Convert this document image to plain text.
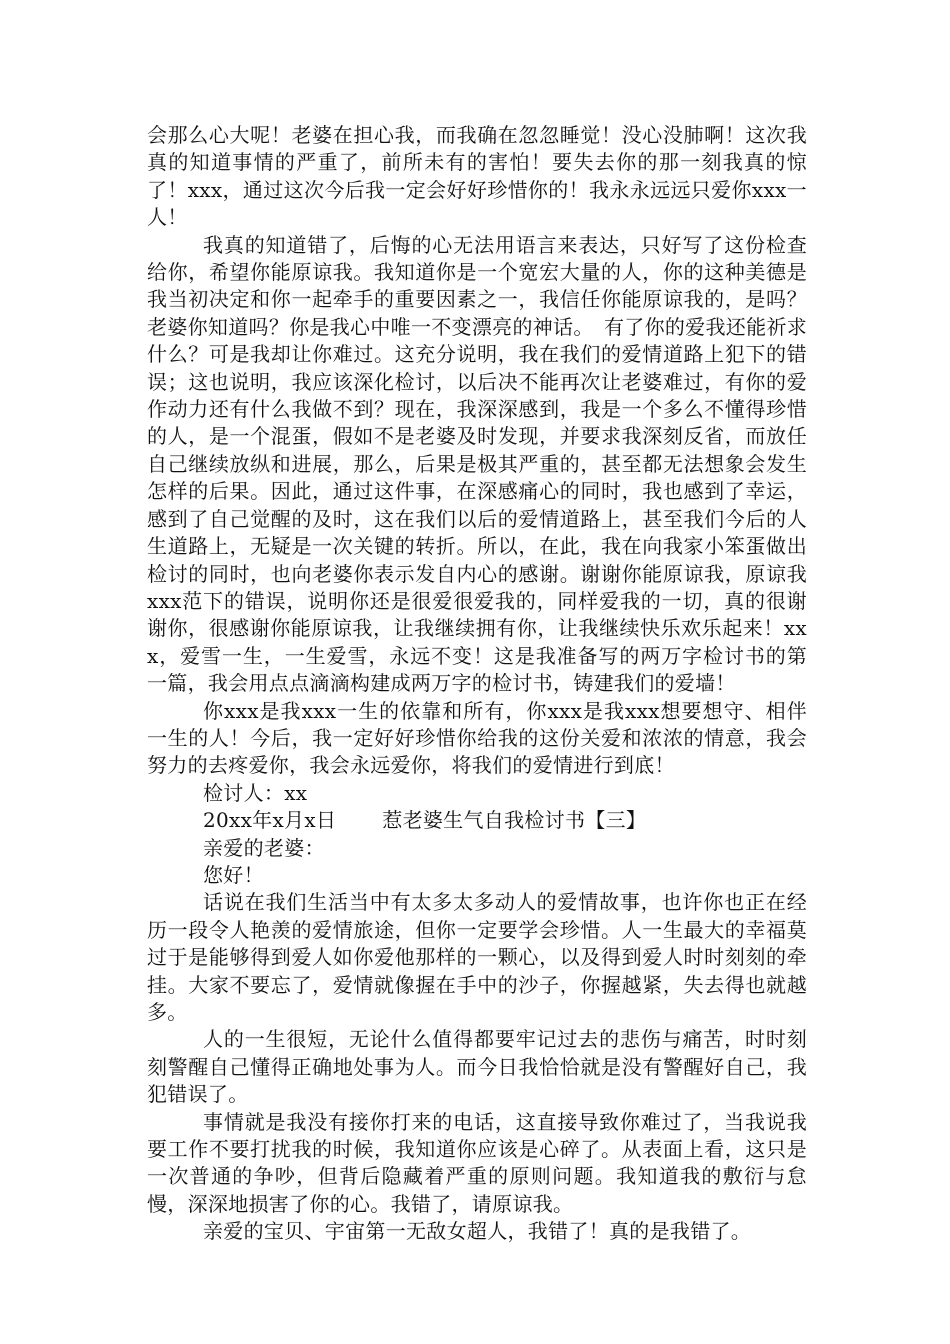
会那么心大呢！老婆在担心我，而我确在忽忽睡觉！没心没肺啊！这次我真的知道事情的严重了，前所未有的害怕！要失去你的那一刻我真的惊了！xxx，通过这次今后我一定会好好珍惜你的！我永永远远只爱你xxx一人！

我真的知道错了，后悔的心无法用语言来表达，只好写了这份检查给你，希望你能原谅我。我知道你是一个宽宏大量的人，你的这种美德是我当初决定和你一起牵手的重要因素之一，我信任你能原谅我的，是吗？　老婆你知道吗？你是我心中唯一不变漂亮的神话。　有了你的爱我还能祈求什么？可是我却让你难过。这充分说明，我在我们的爱情道路上犯下的错误；这也说明，我应该深化检讨，以后决不能再次让老婆难过，有你的爱作动力还有什么我做不到？现在，我深深感到，我是一个多么不懂得珍惜的人，是一个混蛋，假如不是老婆及时发现，并要求我深刻反省，而放任自己继续放纵和进展，那么，后果是极其严重的，甚至都无法想象会发生怎样的后果。因此，通过这件事，在深感痛心的同时，我也感到了幸运，感到了自己觉醒的及时，这在我们以后的爱情道路上，甚至我们今后的人生道路上，无疑是一次关键的转折。所以，在此，我在向我家小笨蛋做出检讨的同时，也向老婆你表示发自内心的感谢。谢谢你能原谅我，原谅我xxx范下的错误，说明你还是很爱很爱我的，同样爱我的一切，真的很谢谢你，很感谢你能原谅我，让我继续拥有你，让我继续快乐欢乐起来！xxx，爱雪一生，一生爱雪，永远不变！这是我准备写的两万字检讨书的第一篇，我会用点点滴滴构建成两万字的检讨书，铸建我们的爱墙！

你xxx是我xxx一生的依靠和所有，你xxx是我xxx想要想守、相伴一生的人！今后，我一定好好珍惜你给我的这份关爱和浓浓的情意，我会努力的去疼爱你，我会永远爱你，将我们的爱情进行到底！

检讨人：xx

20xx年x月x日 惹老婆生气自我检讨书【三】

亲爱的老婆：

您好！

话说在我们生活当中有太多太多动人的爱情故事，也许你也正在经历一段令人艳羡的爱情旅途，但你一定要学会珍惜。人一生最大的幸福莫过于是能够得到爱人如你爱他那样的一颗心，以及得到爱人时时刻刻的牵挂。大家不要忘了，爱情就像握在手中的沙子，你握越紧，失去得也就越多。

人的一生很短，无论什么值得都要牢记过去的悲伤与痛苦，时时刻刻警醒自己懂得正确地处事为人。而今日我恰恰就是没有警醒好自己，我犯错误了。

事情就是我没有接你打来的电话，这直接导致你难过了，当我说我要工作不要打扰我的时候，我知道你应该是心碎了。从表面上看，这只是一次普通的争吵，但背后隐藏着严重的原则问题。我知道我的敷衍与怠慢，深深地损害了你的心。我错了，请原谅我。

亲爱的宝贝、宇宙第一无敌女超人，我错了！真的是我错了。
